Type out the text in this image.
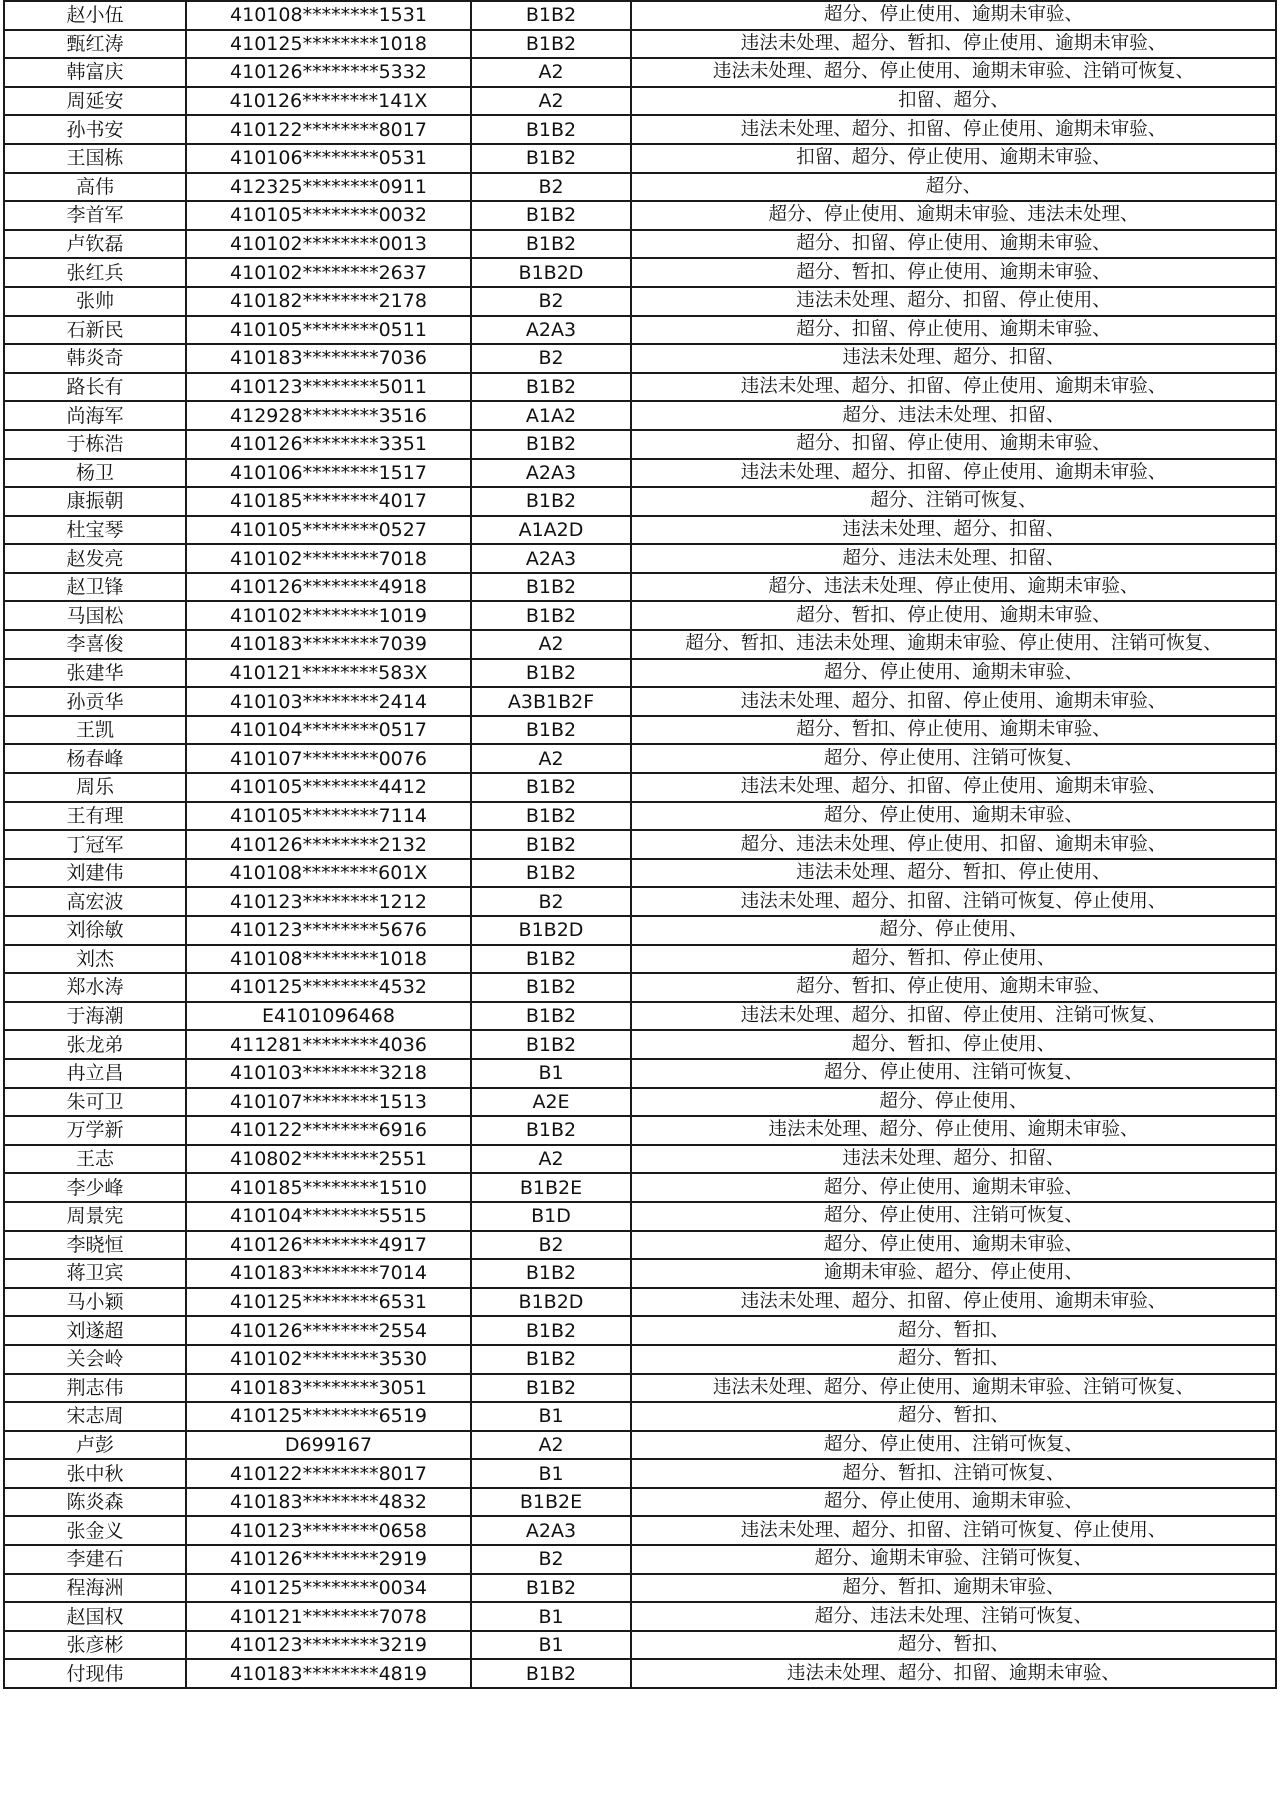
赵小伍	410108********1531	B1B2	超分、停止使用、逾期未审验、
甄红涛	410125********1018	B1B2	违法未处理、超分、暂扣、停止使用、逾期未审验、
韩富庆	410126********5332	A2	违法未处理、超分、停止使用、逾期未审验、注销可恢复、
周延安	410126********141X	A2	扣留、超分、
孙书安	410122********8017	B1B2	违法未处理、超分、扣留、停止使用、逾期未审验、
王国栋	410106********0531	B1B2	扣留、超分、停止使用、逾期未审验、
高伟	412325********0911	B2	超分、
李首军	410105********0032	B1B2	超分、停止使用、逾期未审验、违法未处理、
卢钦磊	410102********0013	B1B2	超分、扣留、停止使用、逾期未审验、
张红兵	410102********2637	B1B2D	超分、暂扣、停止使用、逾期未审验、
张帅	410182********2178	B2	违法未处理、超分、扣留、停止使用、
石新民	410105********0511	A2A3	超分、扣留、停止使用、逾期未审验、
韩炎奇	410183********7036	B2	违法未处理、超分、扣留、
路长有	410123********5011	B1B2	违法未处理、超分、扣留、停止使用、逾期未审验、
尚海军	412928********3516	A1A2	超分、违法未处理、扣留、
于栋浩	410126********3351	B1B2	超分、扣留、停止使用、逾期未审验、
杨卫	410106********1517	A2A3	违法未处理、超分、扣留、停止使用、逾期未审验、
康振朝	410185********4017	B1B2	超分、注销可恢复、
杜宝琴	410105********0527	A1A2D	违法未处理、超分、扣留、
赵发亮	410102********7018	A2A3	超分、违法未处理、扣留、
赵卫锋	410126********4918	B1B2	超分、违法未处理、停止使用、逾期未审验、
马国松	410102********1019	B1B2	超分、暂扣、停止使用、逾期未审验、
李喜俊	410183********7039	A2	超分、暂扣、违法未处理、逾期未审验、停止使用、注销可恢复、
张建华	410121********583X	B1B2	超分、停止使用、逾期未审验、
孙贡华	410103********2414	A3B1B2F	违法未处理、超分、扣留、停止使用、逾期未审验、
王凯	410104********0517	B1B2	超分、暂扣、停止使用、逾期未审验、
杨春峰	410107********0076	A2	超分、停止使用、注销可恢复、
周乐	410105********4412	B1B2	违法未处理、超分、扣留、停止使用、逾期未审验、
王有理	410105********7114	B1B2	超分、停止使用、逾期未审验、
丁冠军	410126********2132	B1B2	超分、违法未处理、停止使用、扣留、逾期未审验、
刘建伟	410108********601X	B1B2	违法未处理、超分、暂扣、停止使用、
高宏波	410123********1212	B2	违法未处理、超分、扣留、注销可恢复、停止使用、
刘徐敏	410123********5676	B1B2D	超分、停止使用、
刘杰	410108********1018	B1B2	超分、暂扣、停止使用、
郑水涛	410125********4532	B1B2	超分、暂扣、停止使用、逾期未审验、
于海潮	E4101096468	B1B2	违法未处理、超分、扣留、停止使用、注销可恢复、
张龙弟	411281********4036	B1B2	超分、暂扣、停止使用、
冉立昌	410103********3218	B1	超分、停止使用、注销可恢复、
朱可卫	410107********1513	A2E	超分、停止使用、
万学新	410122********6916	B1B2	违法未处理、超分、停止使用、逾期未审验、
王志	410802********2551	A2	违法未处理、超分、扣留、
李少峰	410185********1510	B1B2E	超分、停止使用、逾期未审验、
周景宪	410104********5515	B1D	超分、停止使用、注销可恢复、
李晓恒	410126********4917	B2	超分、停止使用、逾期未审验、
蒋卫宾	410183********7014	B1B2	逾期未审验、超分、停止使用、
马小颖	410125********6531	B1B2D	违法未处理、超分、扣留、停止使用、逾期未审验、
刘遂超	410126********2554	B1B2	超分、暂扣、
关会岭	410102********3530	B1B2	超分、暂扣、
荆志伟	410183********3051	B1B2	违法未处理、超分、停止使用、逾期未审验、注销可恢复、
宋志周	410125********6519	B1	超分、暂扣、
卢彭	D699167	A2	超分、停止使用、注销可恢复、
张中秋	410122********8017	B1	超分、暂扣、注销可恢复、
陈炎森	410183********4832	B1B2E	超分、停止使用、逾期未审验、
张金义	410123********0658	A2A3	违法未处理、超分、扣留、注销可恢复、停止使用、
李建石	410126********2919	B2	超分、逾期未审验、注销可恢复、
程海洲	410125********0034	B1B2	超分、暂扣、逾期未审验、
赵国权	410121********7078	B1	超分、违法未处理、注销可恢复、
张彦彬	410123********3219	B1	超分、暂扣、
付现伟	410183********4819	B1B2	违法未处理、超分、扣留、逾期未审验、
